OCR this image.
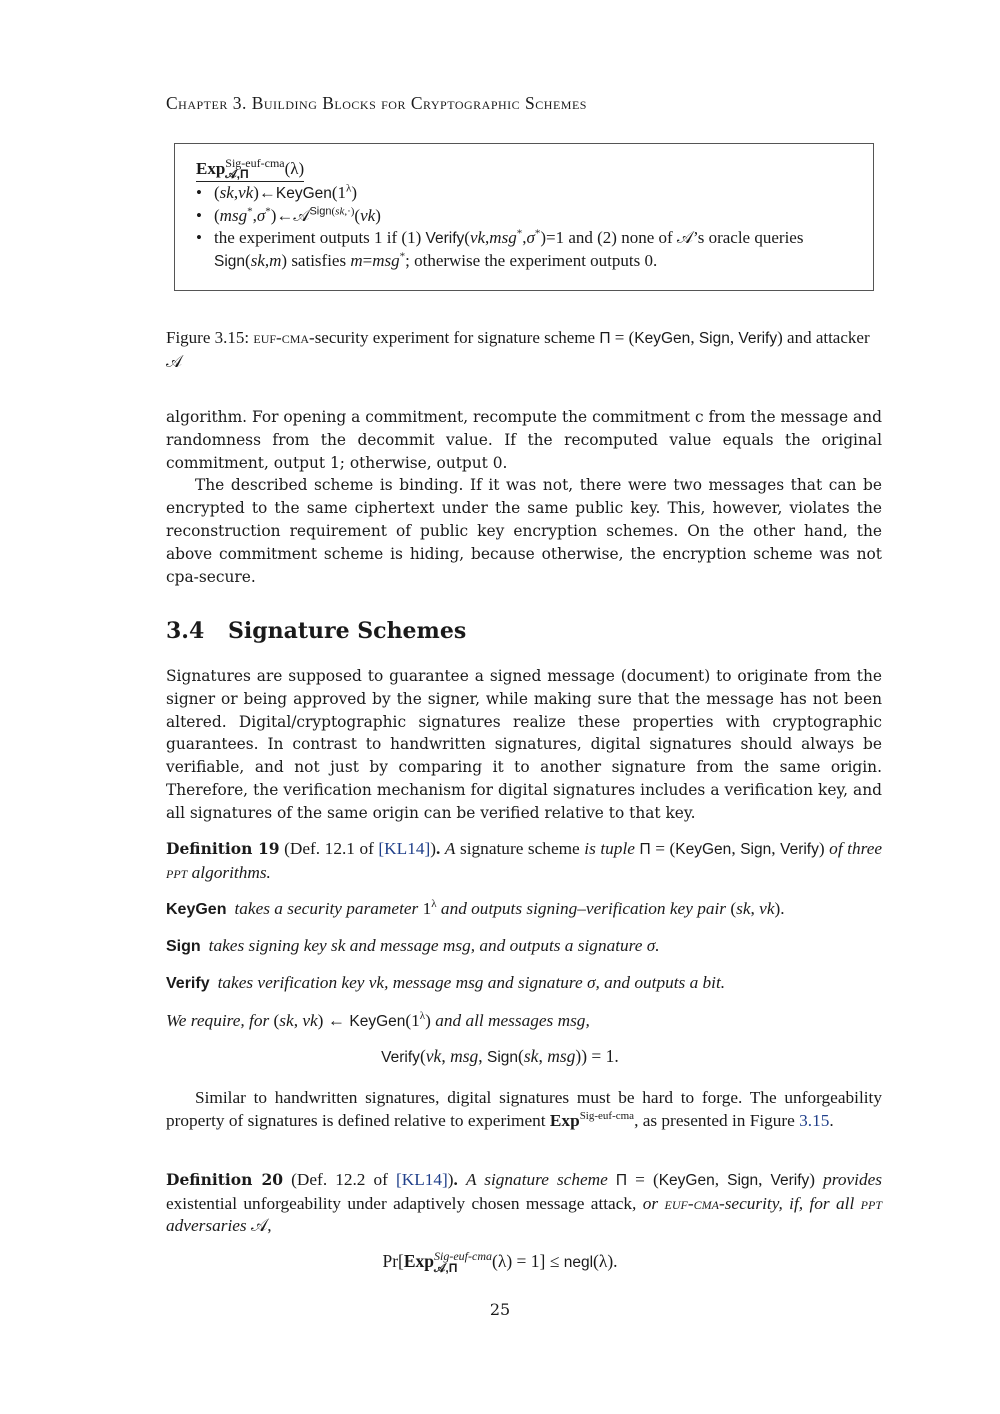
Chapter 3. Building Blocks for Cryptographic Schemes
Exp Sig-euf-cma
𝒜,Π	(λ)
• $(sk,vk)\leftarrow KeyGen(1^\lambda)$
• (msg*,σ*)←𝒜$^{Sign(sk,\cdot)}$(vk)
• the experiment outputs 1 if (1) Verify(vk,msg*,σ*)=1 and (2) none of 𝒜’s oracle queries Sign(sk,m) satisfies m=msg*; otherwise the experiment outputs 0.
Figure 3.15: euf-cma-security experiment for signature scheme Π = (KeyGen, Sign, Verify) and attacker 𝒜

algorithm. For opening a commitment, recompute the commitment c from the message and randomness from the decommit value. If the recomputed value equals the original commitment, output 1; otherwise, output 0.

The described scheme is binding. If it was not, there were two messages that can be encrypted to the same ciphertext under the same public key. This, however, violates the reconstruction requirement of public key encryption schemes. On the other hand, the above commitment scheme is hiding, because otherwise, the encryption scheme was not cpa-secure.

3.4 Signature Schemes
Signatures are supposed to guarantee a signed message (document) to originate from the signer or being approved by the signer, while making sure that the message has not been altered. Digital/cryptographic signatures realize these properties with cryptographic guarantees. In contrast to handwritten signatures, digital signatures should always be verifiable, and not just by comparing it to another signature from the same origin. Therefore, the verification mechanism for digital signatures includes a verification key, and all signatures of the same origin can be verified relative to that key.
Definition 19 (Def. 12.1 of [KL14]). A signature scheme is tuple Π = (KeyGen, Sign, Verify) of three ppt algorithms.
KeyGen takes a security parameter $1^\lambda$ and outputs signing–verification key pair (sk, vk).
Sign takes signing key sk and message msg, and outputs a signature σ.
Verify takes verification key vk, message msg and signature σ, and outputs a bit.
We require, for (sk, vk) ← $KeyGen(1^\lambda)$ and all messages msg,
Verify(vk, msg, Sign(sk, msg)) = 1.
Similar to handwritten signatures, digital signatures must be hard to forge. The unforgeability property of signatures is defined relative to experiment Exp$^{Sig-euf-cma}$, as presented in Figure 3.15.
Definition 20 (Def. 12.2 of [KL14]). A signature scheme Π = (KeyGen, Sign, Verify) provides existential unforgeability under adaptively chosen message attack, or euf-cma-security, if, for all ppt adversaries 𝒜,
Pr[Exp Sig-euf-cma
𝒜,Π	(λ) = 1] ≤ negl(λ).
25
